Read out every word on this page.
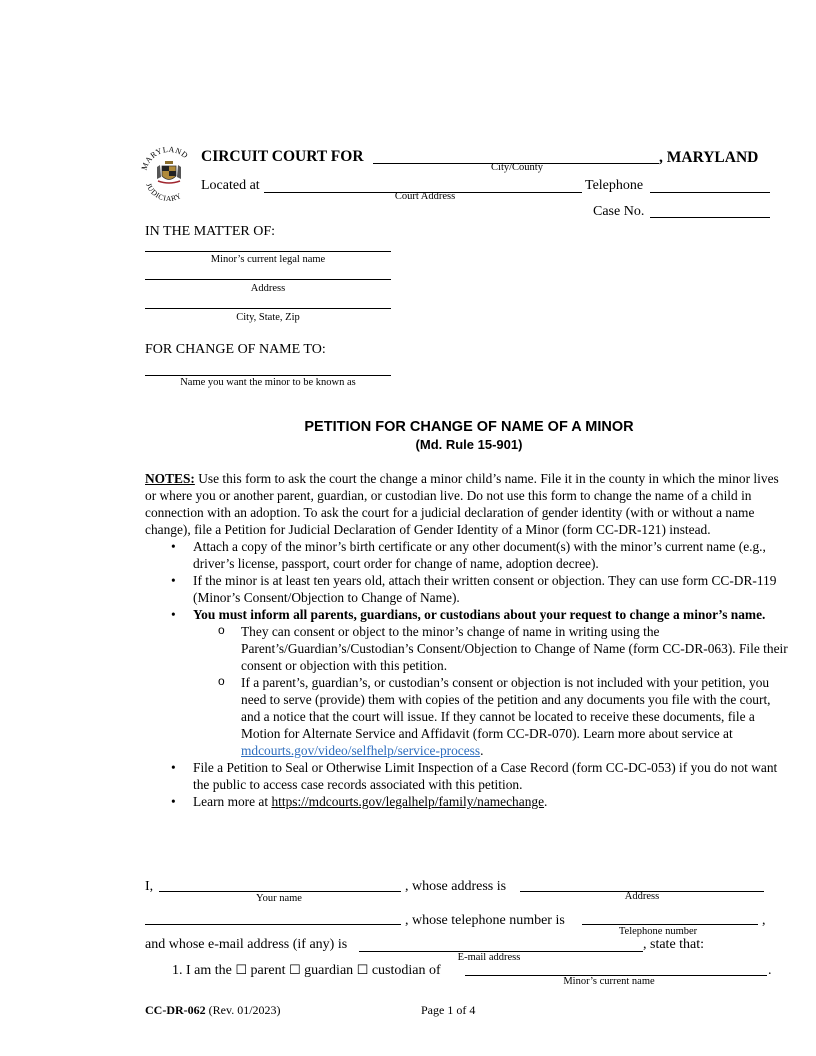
MARYLAND
JUDICIARY
CIRCUIT COURT FOR	, MARYLAND
City/County
Located at
Court Address
Telephone
Case No.
IN THE MATTER OF:
Minor’s current legal name
Address
City, State, Zip
FOR CHANGE OF NAME TO:
Name you want the minor to be known as
PETITION FOR CHANGE OF NAME OF A MINOR
(Md. Rule 15-901)
NOTES: Use this form to ask the court the change a minor child’s name. File it in the county in which the minor lives or where you or another parent, guardian, or custodian live. Do not use this form to change the name of a child in connection with an adoption. To ask the court for a judicial declaration of gender identity (with or without a name change), file a Petition for Judicial Declaration of Gender Identity of a Minor (form CC-DR-121) instead.
• Attach a copy of the minor’s birth certificate or any other document(s) with the minor’s current name (e.g., driver’s license, passport, court order for change of name, adoption decree).
• If the minor is at least ten years old, attach their written consent or objection. They can use form CC-DR-119 (Minor’s Consent/Objection to Change of Name).
• You must inform all parents, guardians, or custodians about your request to change a minor’s name.
o They can consent or object to the minor’s change of name in writing using the Parent’s/Guardian’s/Custodian’s Consent/Objection to Change of Name (form CC-DR-063). File their consent or objection with this petition.
o If a parent’s, guardian’s, or custodian’s consent or objection is not included with your petition, you need to serve (provide) them with copies of the petition and any documents you file with the court, and a notice that the court will issue. If they cannot be located to receive these documents, file a Motion for Alternate Service and Affidavit (form CC-DR-070). Learn more about service at mdcourts.gov/video/selfhelp/service-process.
• File a Petition to Seal or Otherwise Limit Inspection of a Case Record (form CC-DC-053) if you do not want the public to access case records associated with this petition.
• Learn more at https://mdcourts.gov/legalhelp/family/namechange.
I,
Your name
, whose address is
Address
, whose telephone number is	,
Telephone number
and whose e-mail address (if any) is
E-mail address
, state that:
1. I am the ☐ parent ☐ guardian ☐ custodian of	.
Minor’s current name
CC-DR-062 (Rev. 01/2023)	Page 1 of 4
